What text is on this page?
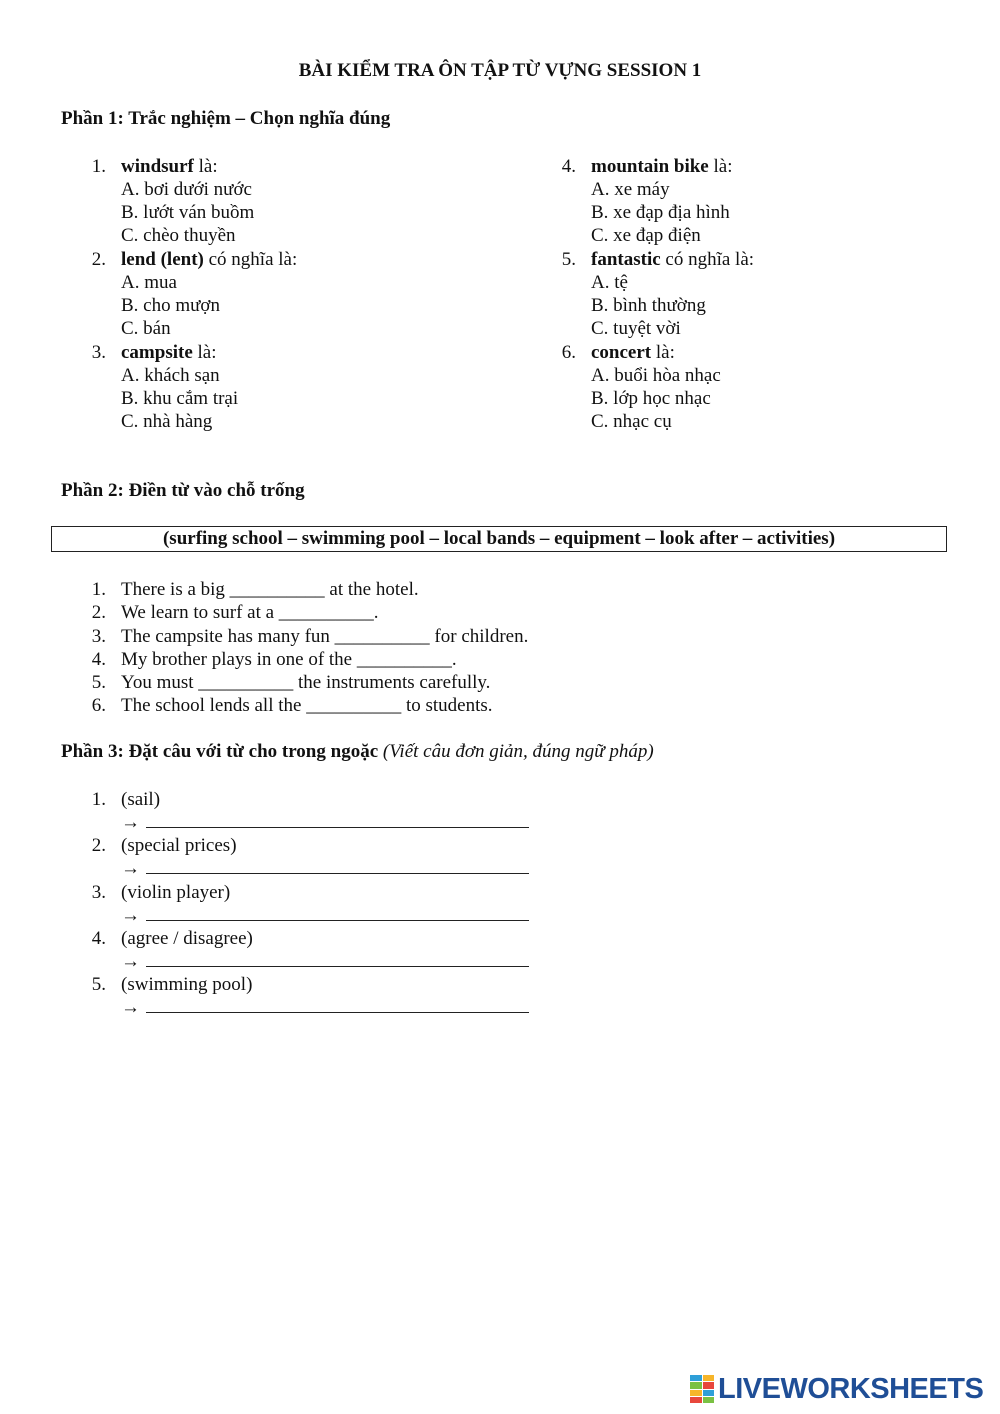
BÀI KIỂM TRA ÔN TẬP TỪ VỰNG SESSION 1
Phần 1: Trắc nghiệm – Chọn nghĩa đúng
1. windsurf là:
A. bơi dưới nước
B. lướt ván buồm
C. chèo thuyền
2. lend (lent) có nghĩa là:
A. mua
B. cho mượn
C. bán
3. campsite là:
A. khách sạn
B. khu cắm trại
C. nhà hàng
4. mountain bike là:
A. xe máy
B. xe đạp địa hình
C. xe đạp điện
5. fantastic có nghĩa là:
A. tệ
B. bình thường
C. tuyệt vời
6. concert là:
A. buổi hòa nhạc
B. lớp học nhạc
C. nhạc cụ
Phần 2: Điền từ vào chỗ trống
(surfing school – swimming pool – local bands – equipment – look after – activities)
1. There is a big __________ at the hotel.
2. We learn to surf at a __________.
3. The campsite has many fun __________ for children.
4. My brother plays in one of the __________.
5. You must __________ the instruments carefully.
6. The school lends all the __________ to students.
Phần 3: Đặt câu với từ cho trong ngoặc (Viết câu đơn giản, đúng ngữ pháp)
1. (sail)
→
2. (special prices)
→
3. (violin player)
→
4. (agree / disagree)
→
5. (swimming pool)
→
LIVEWORKSHEETS
